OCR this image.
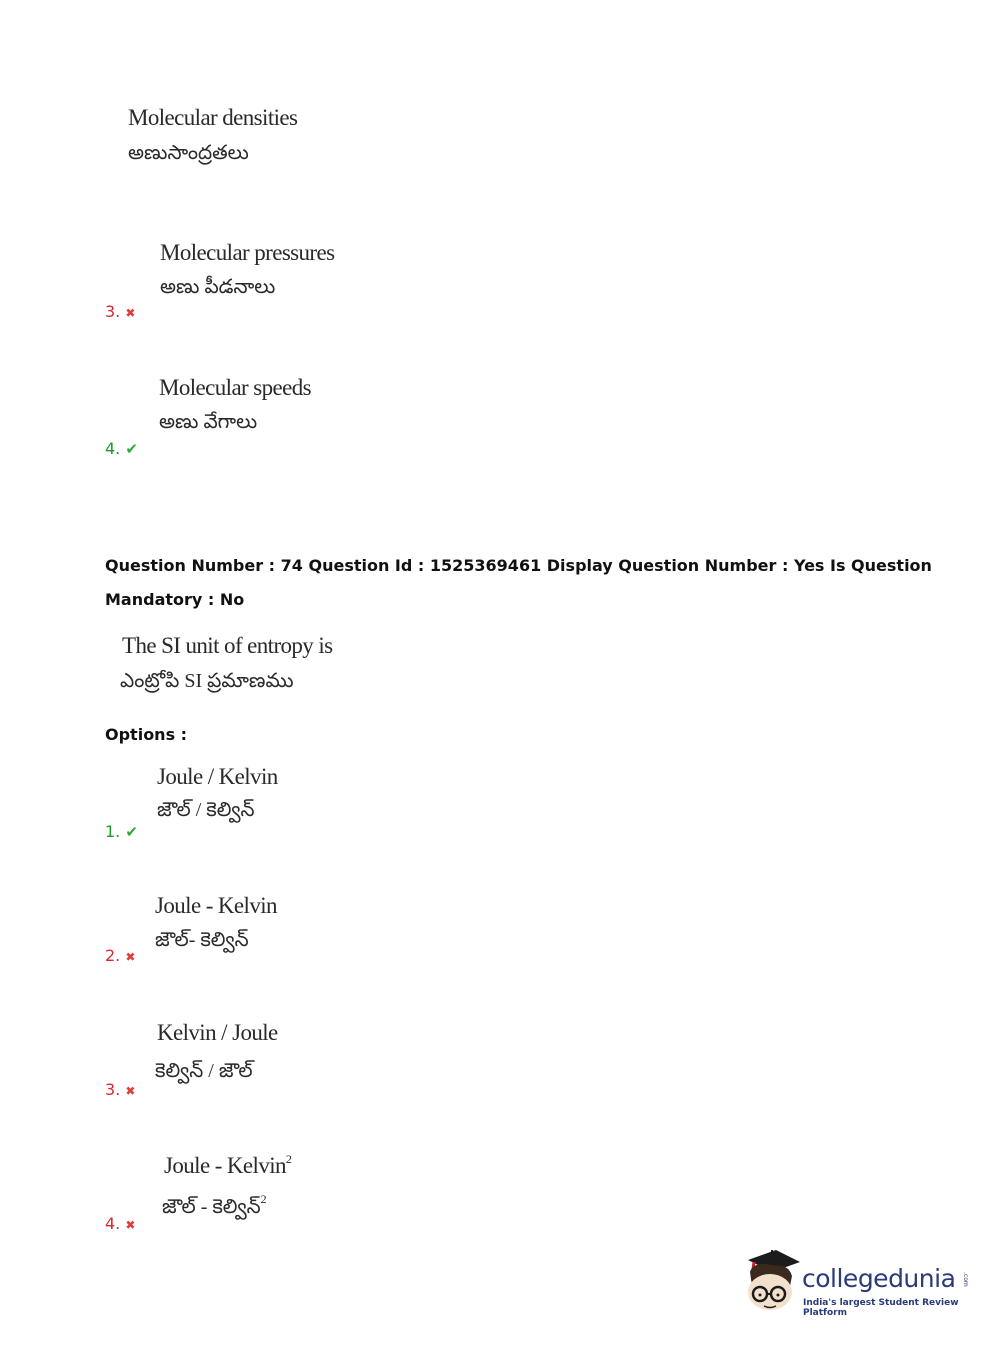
Molecular densities
అణుసాంద్రతలు
Molecular pressures
అణు పీడనాలు
3. ✖
Molecular speeds
అణు వేగాలు
4. ✔
Question Number : 74 Question Id : 1525369461 Display Question Number : Yes Is Question
Mandatory : No
The SI unit of entropy is
ఎంట్రోపి SI ప్రమాణము
Options :
Joule / Kelvin
జౌల్ / కెల్విన్
1. ✔
Joule - Kelvin
జౌల్- కెల్విన్
2. ✖
Kelvin / Joule
కెల్విన్ / జౌల్
3. ✖
Joule - Kelvin$^2$
జౌల్ - కెల్విన్$^2$
4. ✖
collegedunia .com
India's largest Student Review Platform
